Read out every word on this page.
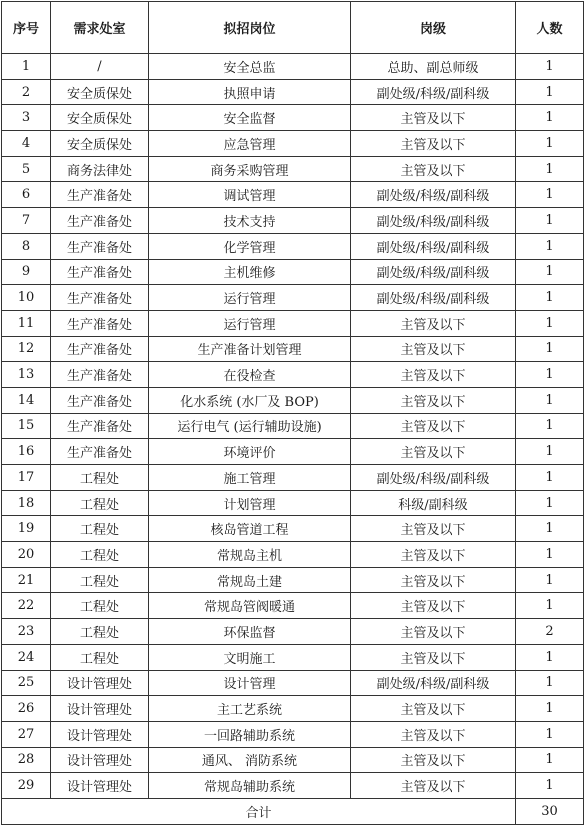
序号	需求处室	拟招岗位	岗级	人数
1	/	安全总监	总助、副总师级	1
2	安全质保处	执照申请	副处级/科级/副科级	1
3	安全质保处	安全监督	主管及以下	1
4	安全质保处	应急管理	主管及以下	1
5	商务法律处	商务采购管理	主管及以下	1
6	生产准备处	调试管理	副处级/科级/副科级	1
7	生产准备处	技术支持	副处级/科级/副科级	1
8	生产准备处	化学管理	副处级/科级/副科级	1
9	生产准备处	主机维修	副处级/科级/副科级	1
10	生产准备处	运行管理	副处级/科级/副科级	1
11	生产准备处	运行管理	主管及以下	1
12	生产准备处	生产准备计划管理	主管及以下	1
13	生产准备处	在役检查	主管及以下	1
14	生产准备处	化水系统 (水厂及 BOP)	主管及以下	1
15	生产准备处	运行电气 (运行辅助设施)	主管及以下	1
16	生产准备处	环境评价	主管及以下	1
17	工程处	施工管理	副处级/科级/副科级	1
18	工程处	计划管理	科级/副科级	1
19	工程处	核岛管道工程	主管及以下	1
20	工程处	常规岛主机	主管及以下	1
21	工程处	常规岛土建	主管及以下	1
22	工程处	常规岛管阀暖通	主管及以下	1
23	工程处	环保监督	主管及以下	2
24	工程处	文明施工	主管及以下	1
25	设计管理处	设计管理	副处级/科级/副科级	1
26	设计管理处	主工艺系统	主管及以下	1
27	设计管理处	一回路辅助系统	主管及以下	1
28	设计管理处	通风、 消防系统	主管及以下	1
29	设计管理处	常规岛辅助系统	主管及以下	1
合计				30
